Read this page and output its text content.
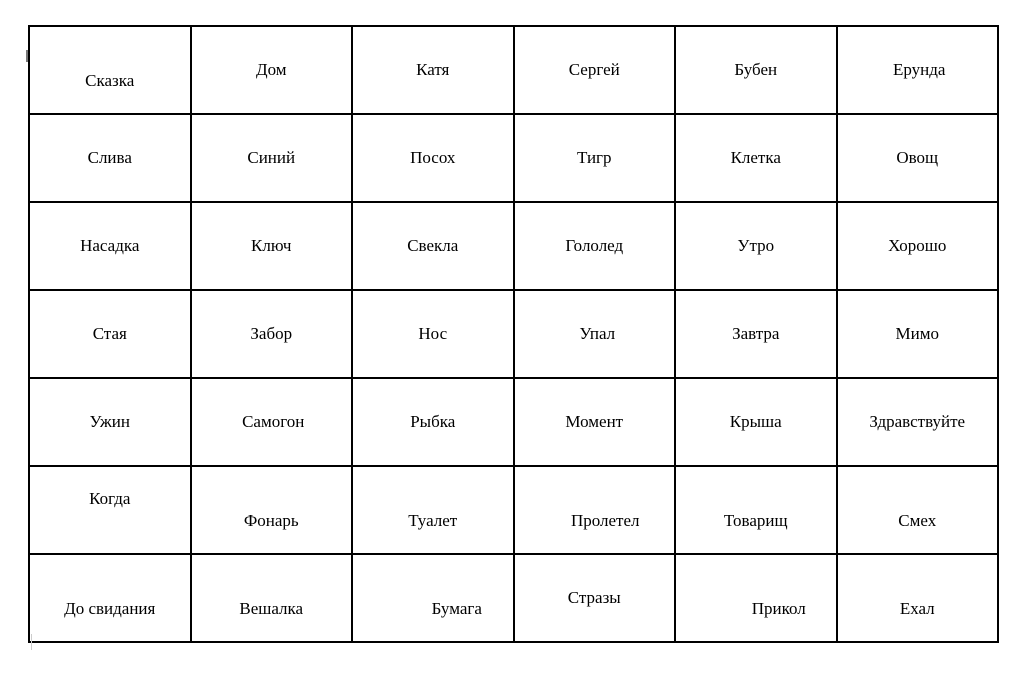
Сказка	Дом	Катя	Сергей	Бубен	Ерунда

Слива	Синий	Посох	Тигр	Клетка	Овощ

Насадка	Ключ	Свекла	Гололед	Утро	Хорошо

Стая	Забор	Нос	Упал	Завтра	Мимо

Ужин	Самогон	Рыбка	Момент	Крыша	Здравствуйте

Когда	Фонарь	Туалет	Пролетел	Товарищ	Смех

До свидания	Вешалка	Бумага	Стразы	Прикол	Ехал
